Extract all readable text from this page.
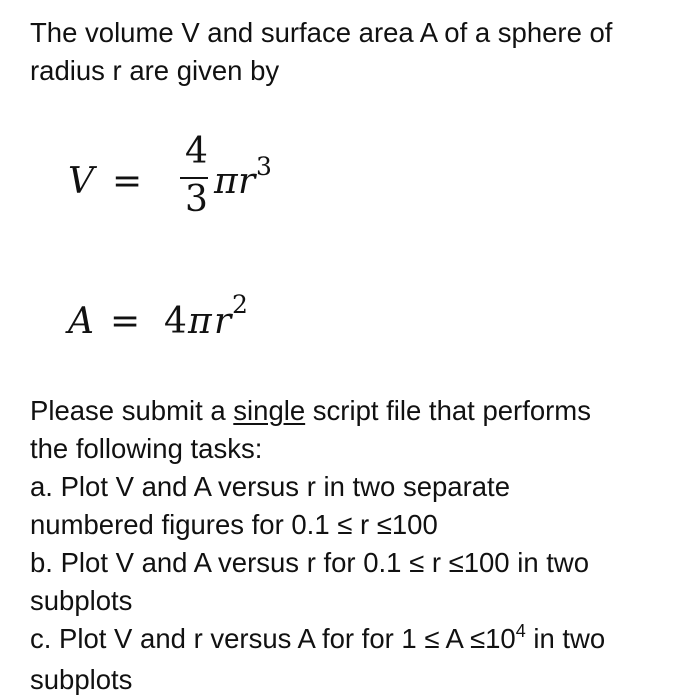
The volume V and surface area A of a sphere of
radius r are given by

V =
4
3 π r 3
A = 4 π r 2
Please submit a single script file that performs
the following tasks:
a. Plot V and A versus r in two separate
numbered figures for 0.1 ≤ r ≤100
b. Plot V and A versus r for 0.1 ≤ r ≤100 in two
subplots
c. Plot V and r versus A for for $1 \le A \le 10^4$ in two
subplots
